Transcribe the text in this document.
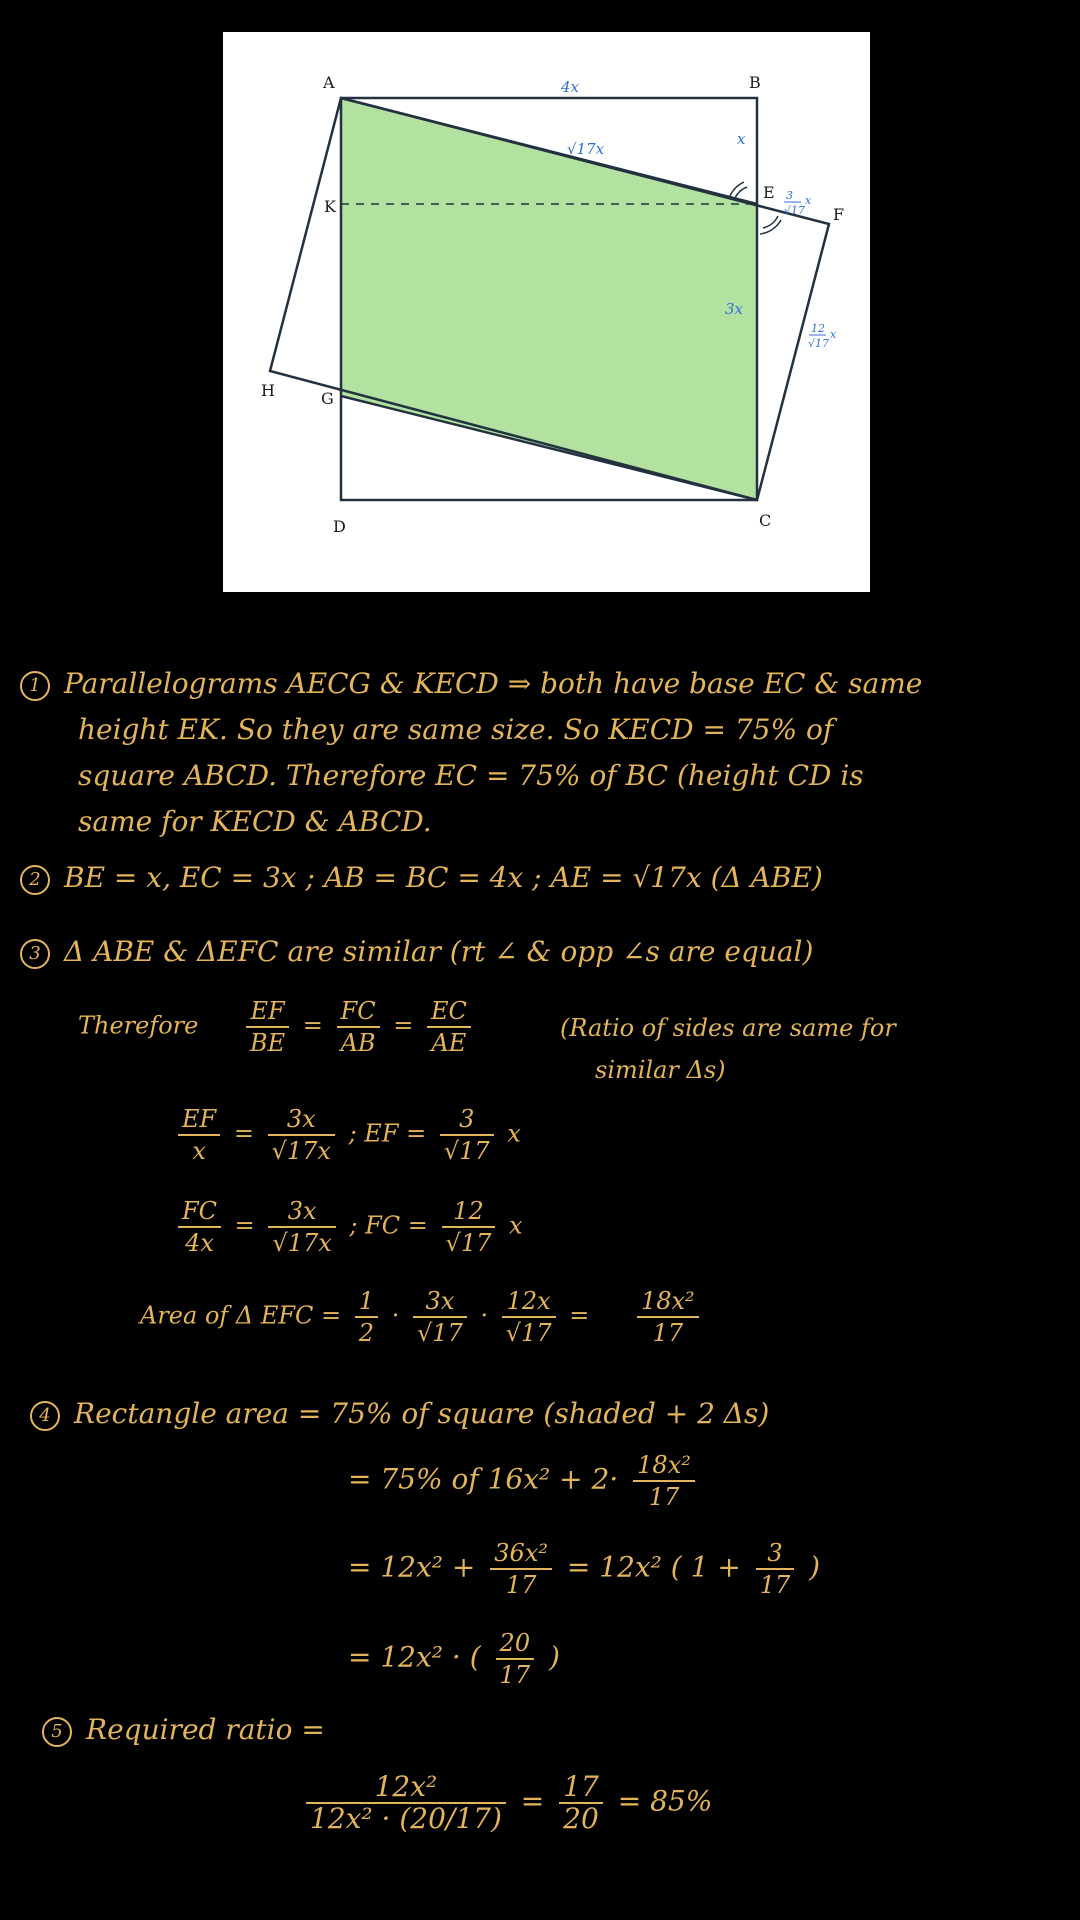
A	B
C
D
E
F
G
H
K
4x
√17x
x
3x
3
√17
x
12
√17
x
1 Parallelograms AECG & KECD ⇒ both have base EC & same
height EK. So they are same size. So KECD = 75% of
square ABCD. Therefore EC = 75% of BC (height CD is
same for KECD & ABCD.
2 BE = x, EC = 3x ; AB = BC = 4x ; AE = √17x (Δ ABE)
3 Δ ABE & ΔEFC are similar (rt ∠ & opp ∠s are equal)
Therefore $\frac{EF}{BE} = \frac{FC}{AB} = \frac{EC}{AE}$	(Ratio of sides are same for
similar Δs)
$\frac{EF}{x} = \frac{3x}{√17x}$ ; EF = $\frac{3}{√17}$ x
$\frac{FC}{4x} = \frac{3x}{√17x}$ ; FC = $\frac{12}{√17}$ x
Area of Δ EFC = $\frac{1}{2} \cdot \frac{3x}{√17} \cdot \frac{12x}{√17} = \frac{\text{18x²}}{17}$
4 Rectangle area = 75% of square (shaded + 2 Δs)
= 75% of $16x^2 + 2\cdot \frac{\text{18x²}}{17}$
= $12x^2 + \frac{\text{36x²}}{17} = 12x^2$ ( $1 + \frac{3}{17}$ )
= 12x² · ( $\frac{20}{17}$ )
5 Required ratio =
$\frac{\text{12x²}}{\text{12x² · (20/17)}} = \frac{17}{20} = 85\%$
